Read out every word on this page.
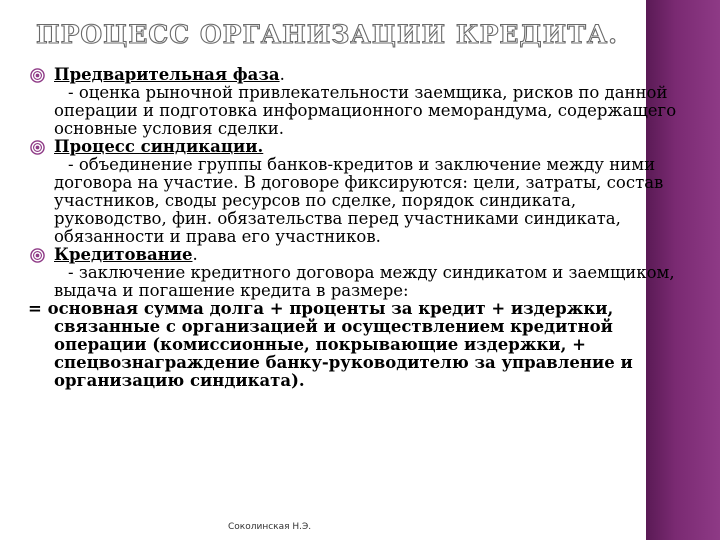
ПРОЦЕСС ОРГАНИЗАЦИИ КРЕДИТА.
Предварительная фаза.
- оценка рыночной привлекательности заемщика, рисков по данной операции и подготовка информационного меморандума, содержащего основные условия сделки.
Процесс синдикации.
- объединение группы банков-кредитов и заключение между ними договора на участие. В договоре фиксируются: цели, затраты, состав участников, своды ресурсов по сделке, порядок синдиката, руководство, фин. обязательства перед участниками синдиката, обязанности и права его участников.
Кредитование.
- заключение кредитного договора между синдикатом и заемщиком, выдача и погашение кредита в размере:
= основная сумма долга + проценты за кредит + издержки, связанные с организацией и осуществлением кредитной операции (комиссионные, покрывающие издержки, + спецвознаграждение банку-руководителю за управление и организацию синдиката).
Соколинская Н.Э.
